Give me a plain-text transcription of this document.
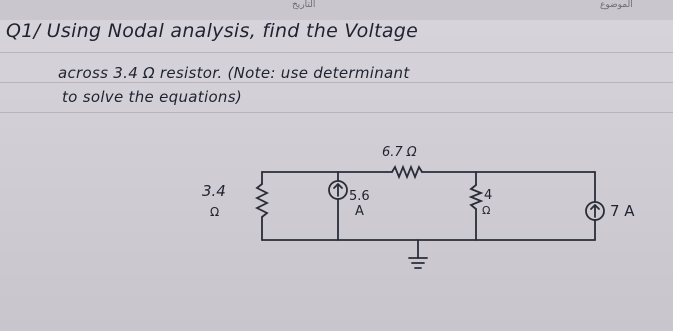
التاريخ	الموضوع
Q1/ Using Nodal analysis, find the Voltage
across 3.4 Ω resistor. (Note: use determinant
to solve the equations)
3.4
Ω
6.7 Ω
5.6
A
4
Ω	7 A
